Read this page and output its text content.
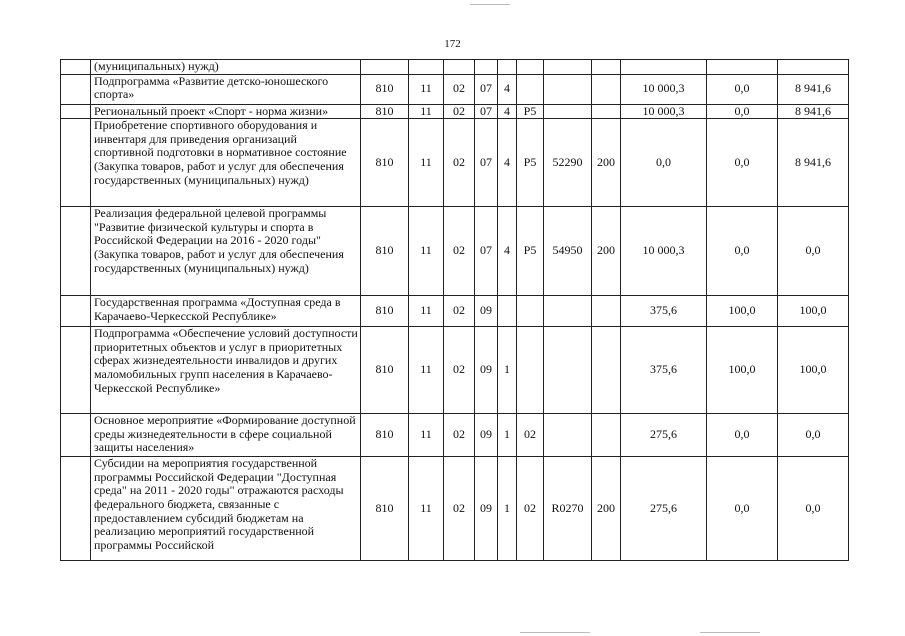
172
	(муниципальных) нужд)											
	Подпрограмма «Развитие детско-юношеского спорта»	810	11	02	07	4				10 000,3	0,0	8 941,6
	Региональный проект «Спорт - норма жизни»	810	11	02	07	4	P5			10 000,3	0,0	8 941,6
	Приобретение спортивного оборудования и инвентаря для приведения организаций спортивной подготовки в нормативное состояние (Закупка товаров, работ и услуг для обеспечения государственных (муниципальных) нужд)	810	11	02	07	4	P5	52290	200	0,0	0,0	8 941,6
	Реализация федеральной целевой программы "Развитие физической культуры и спорта в Российской Федерации на 2016 - 2020 годы" (Закупка товаров, работ и услуг для обеспечения государственных (муниципальных) нужд)	810	11	02	07	4	P5	54950	200	10 000,3	0,0	0,0
	Государственная программа «Доступная среда в Карачаево-Черкесской Республике»	810	11	02	09					375,6	100,0	100,0
	Подпрограмма «Обеспечение условий доступности приоритетных объектов и услуг в приоритетных сферах жизнедеятельности инвалидов и других маломобильных групп населения в Карачаево-Черкесской Республике»	810	11	02	09	1				375,6	100,0	100,0
	Основное мероприятие «Формирование доступной среды жизнедеятельности в сфере социальной защиты населения»	810	11	02	09	1	02			275,6	0,0	0,0
	Субсидии на мероприятия государственной программы Российской Федерации "Доступная среда" на 2011 - 2020 годы" отражаются расходы федерального бюджета, связанные с предоставлением субсидий бюджетам на реализацию мероприятий государственной программы Российской	810	11	02	09	1	02	R0270	200	275,6	0,0	0,0
